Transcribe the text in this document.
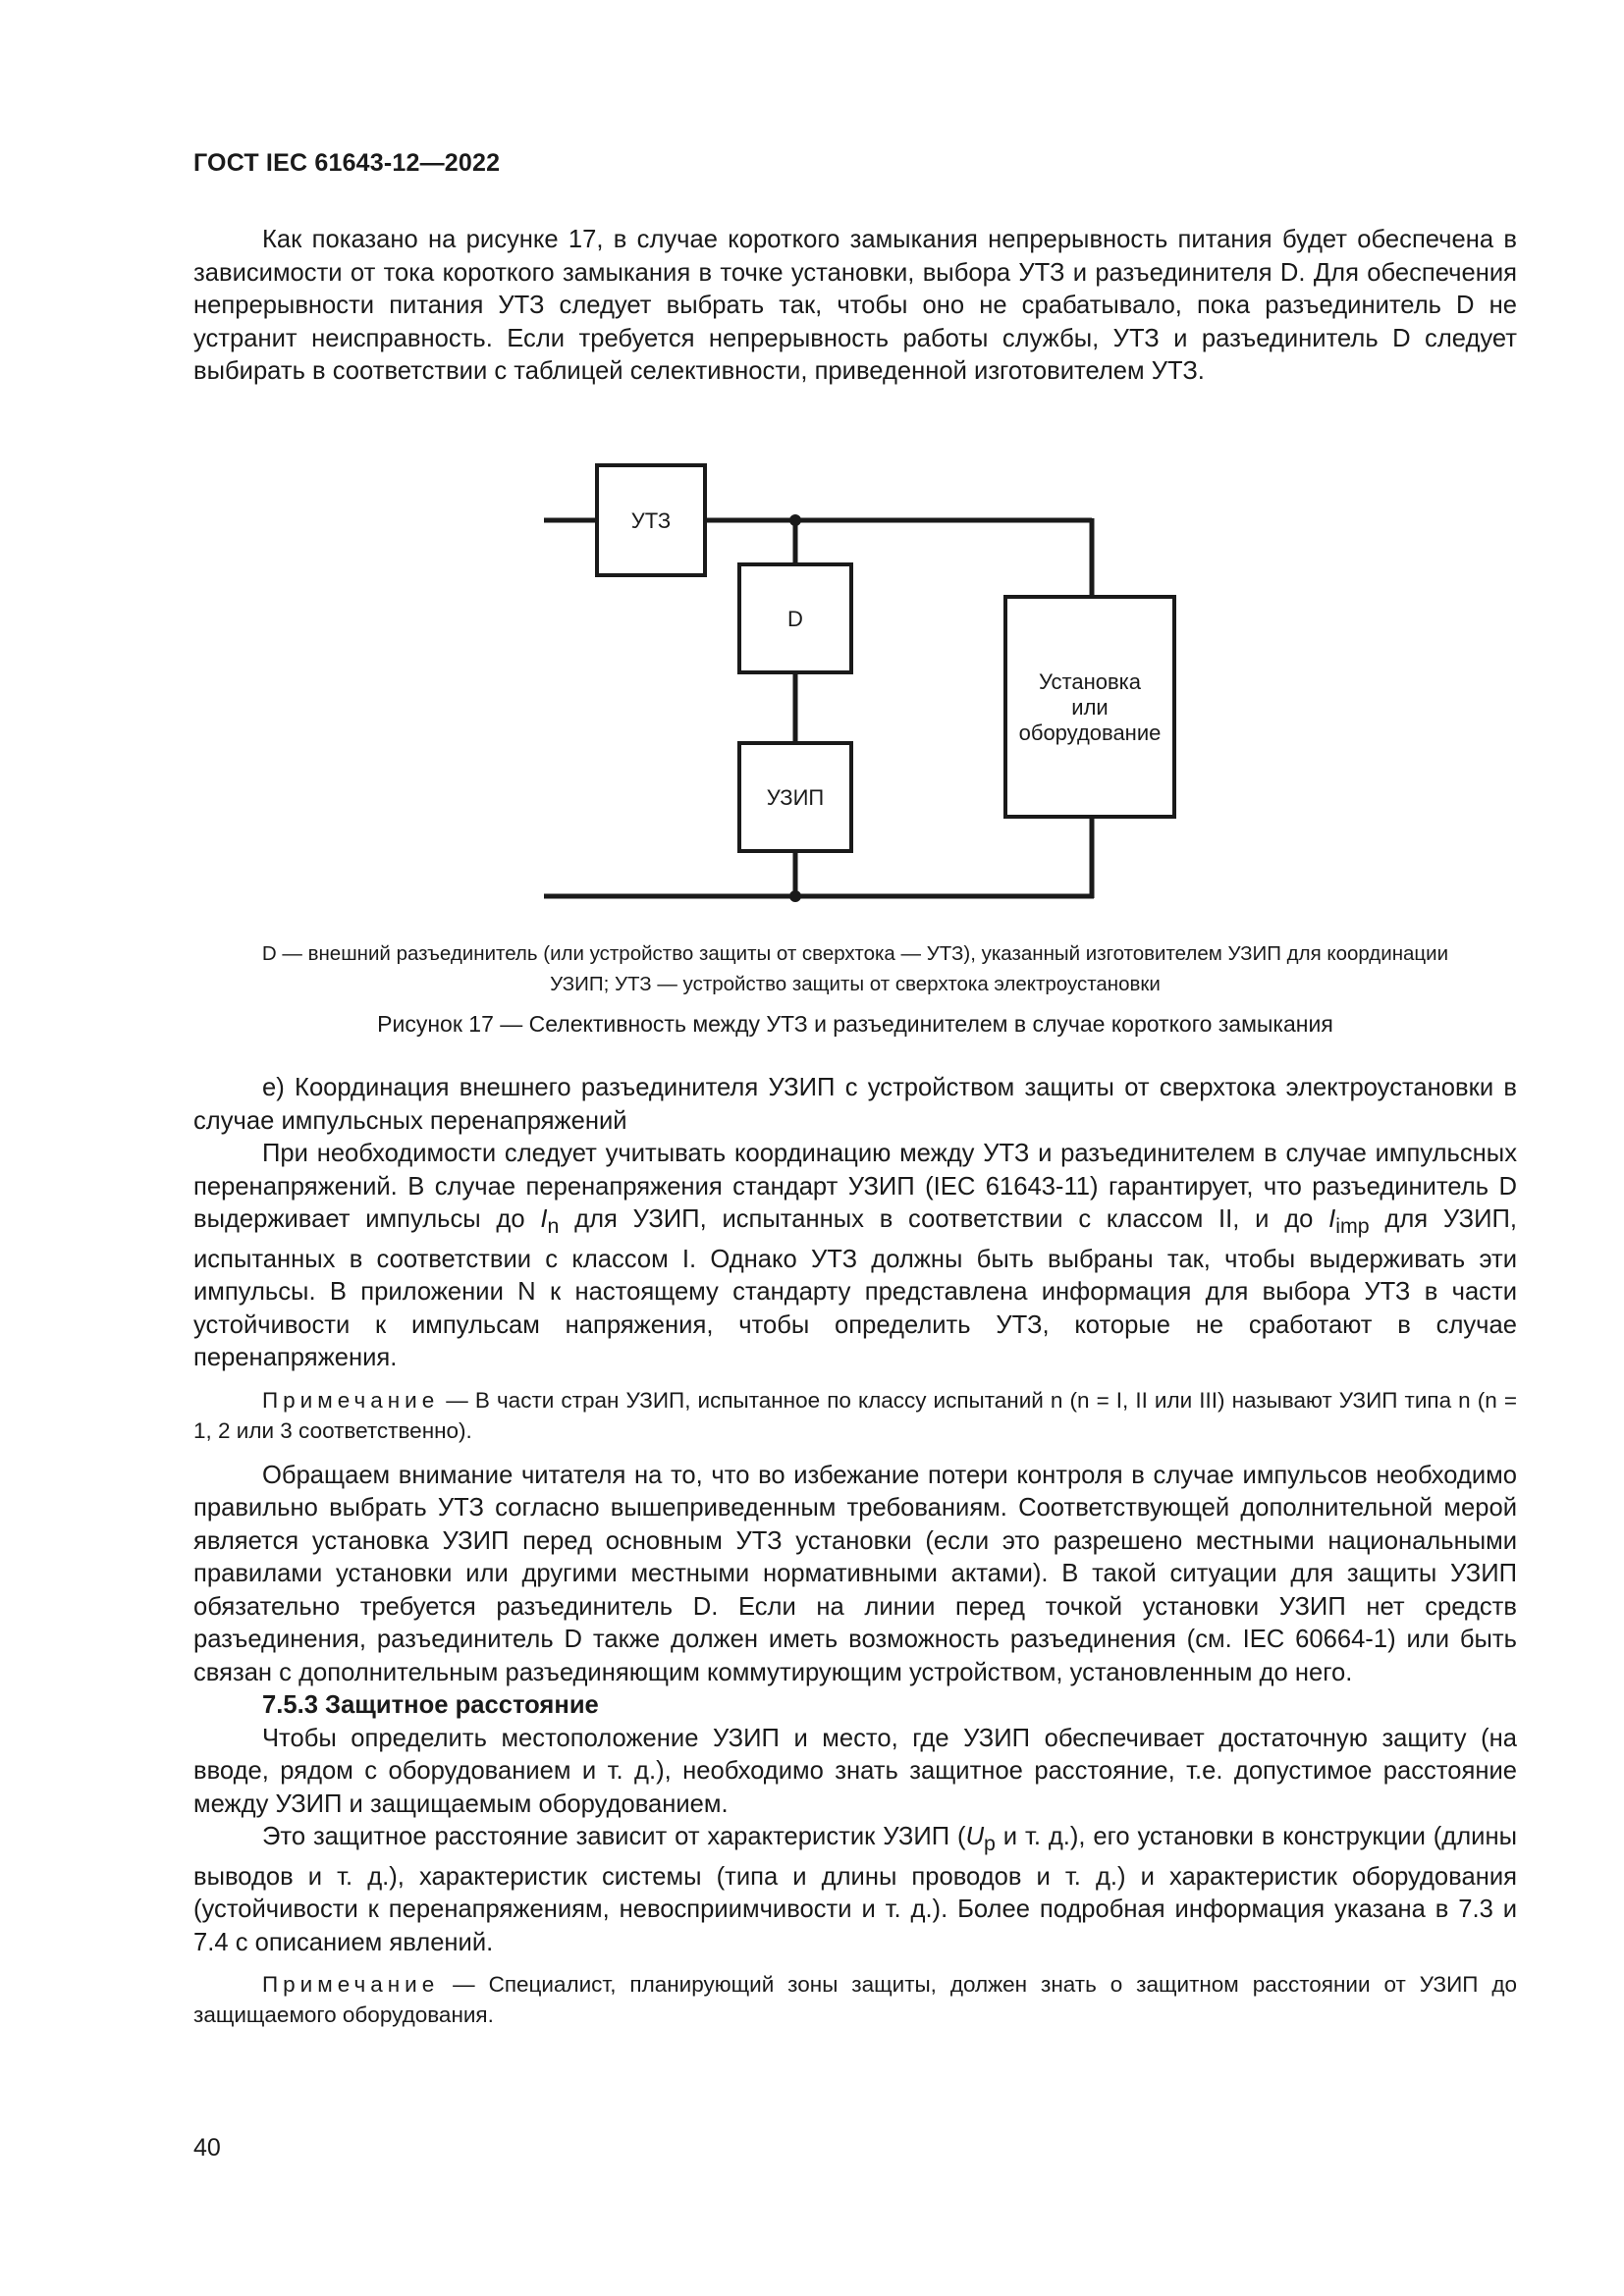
ГОСТ IEC 61643-12—2022

Как показано на рисунке 17, в случае короткого замыкания непрерывность питания будет обеспечена в зависимости от тока короткого замыкания в точке установки, выбора УТЗ и разъединителя D. Для обеспечения непрерывности питания УТЗ следует выбрать так, чтобы оно не срабатывало, пока разъединитель D не устранит неисправность. Если требуется непрерывность работы службы, УТЗ и разъединитель D следует выбирать в соответствии с таблицей селективности, приведенной изготовителем УТЗ.

УТЗ
D
УЗИП
Установка
или
оборудование

D — внешний разъединитель (или устройство защиты от сверхтока — УТЗ), указанный изготовителем УЗИП для координации

УЗИП; УТЗ — устройство защиты от сверхтока электроустановки

Рисунок 17 — Селективность между УТЗ и разъединителем в случае короткого замыкания

е) Координация внешнего разъединителя УЗИП с устройством защиты от сверхтока электроустановки в случае импульсных перенапряжений

При необходимости следует учитывать координацию между УТЗ и разъединителем в случае импульсных перенапряжений. В случае перенапряжения стандарт УЗИП (IEC 61643-11) гарантирует, что разъединитель D выдерживает импульсы до $I_n$ для УЗИП, испытанных в соответствии с классом II, и до $I_{imp}$ для УЗИП, испытанных в соответствии с классом I. Однако УТЗ должны быть выбраны так, чтобы выдерживать эти импульсы. В приложении N к настоящему стандарту представлена информация для выбора УТЗ в части устойчивости к импульсам напряжения, чтобы определить УТЗ, которые не сработают в случае перенапряжения.

Примечание — В части стран УЗИП, испытанное по классу испытаний n (n = I, II или III) называют УЗИП типа n (n = 1, 2 или 3 соответственно).

Обращаем внимание читателя на то, что во избежание потери контроля в случае импульсов необходимо правильно выбрать УТЗ согласно вышеприведенным требованиям. Соответствующей дополнительной мерой является установка УЗИП перед основным УТЗ установки (если это разрешено местными национальными правилами установки или другими местными нормативными актами). В такой ситуации для защиты УЗИП обязательно требуется разъединитель D. Если на линии перед точкой установки УЗИП нет средств разъединения, разъединитель D также должен иметь возможность разъединения (см. IEC 60664-1) или быть связан с дополнительным разъединяющим коммутирующим устройством, установленным до него.

7.5.3 Защитное расстояние

Чтобы определить местоположение УЗИП и место, где УЗИП обеспечивает достаточную защиту (на вводе, рядом с оборудованием и т. д.), необходимо знать защитное расстояние, т.е. допустимое расстояние между УЗИП и защищаемым оборудованием.

Это защитное расстояние зависит от характеристик УЗИП ($U_p$ и т. д.), его установки в конструкции (длины выводов и т. д.), характеристик системы (типа и длины проводов и т. д.) и характеристик оборудования (устойчивости к перенапряжениям, невосприимчивости и т. д.). Более подробная информация указана в 7.3 и 7.4 с описанием явлений.

Примечание — Специалист, планирующий зоны защиты, должен знать о защитном расстоянии от УЗИП до защищаемого оборудования.

40
